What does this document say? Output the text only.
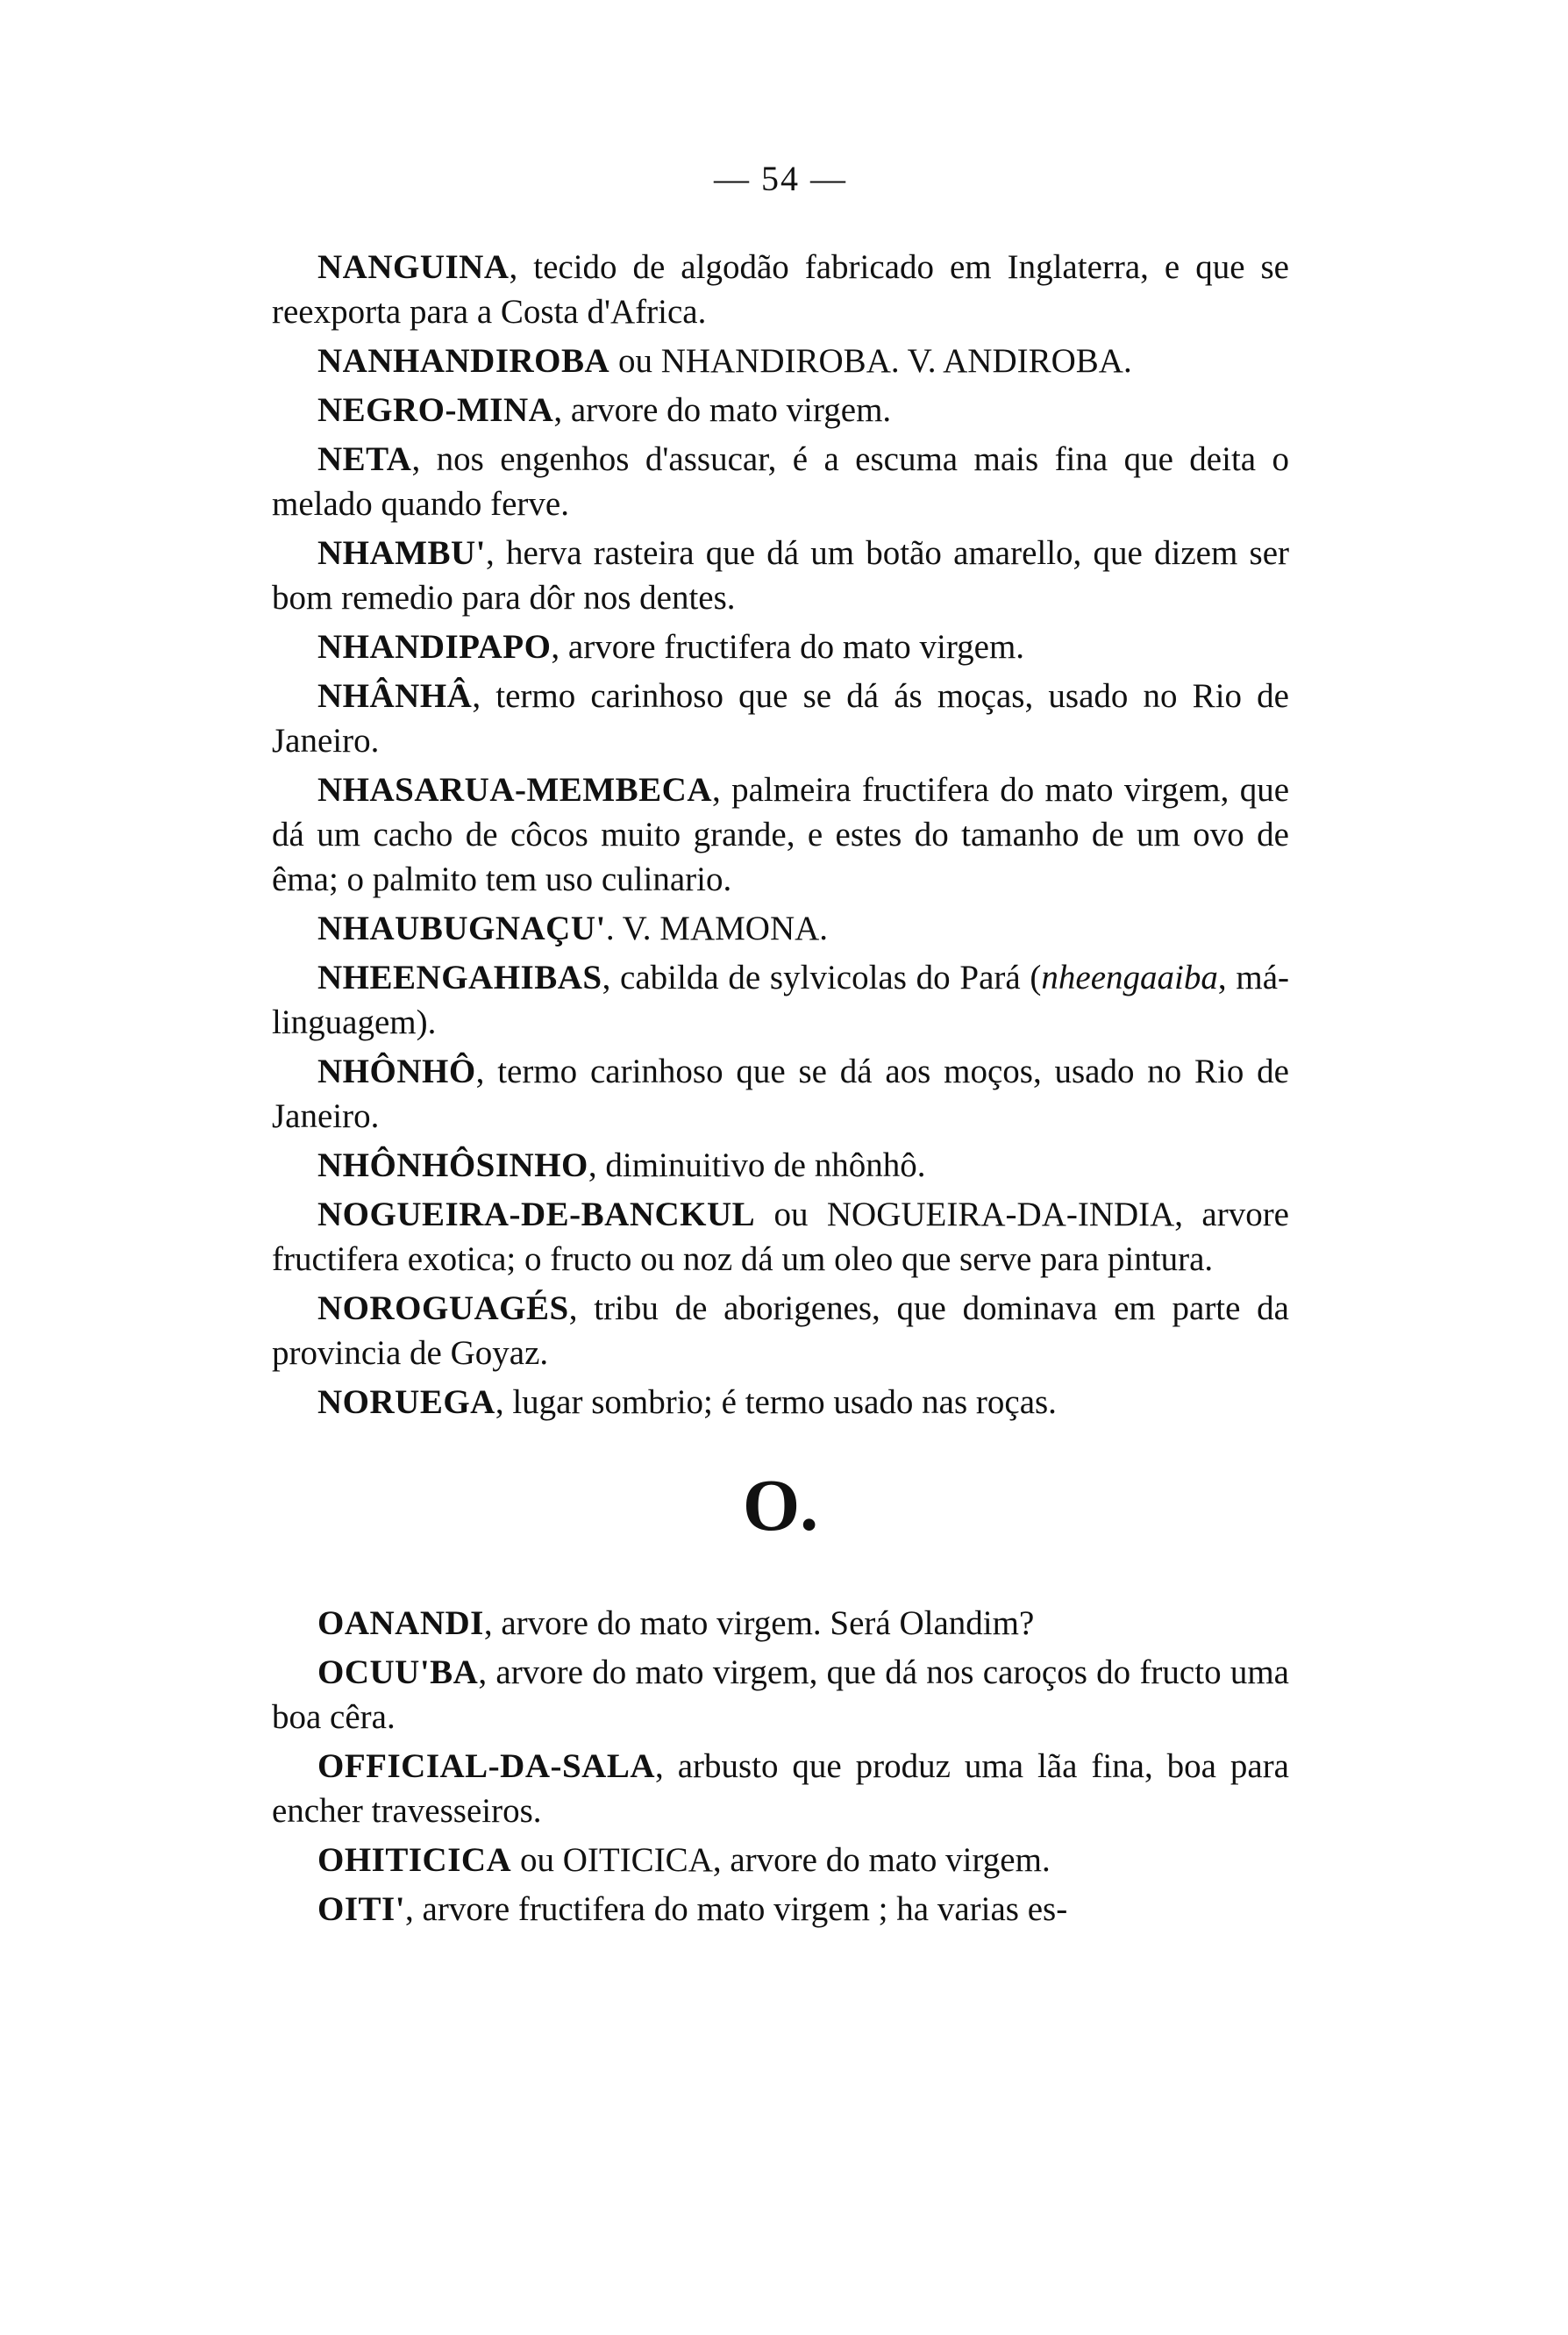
— 54 —

NANGUINA, tecido de algodão fabricado em Inglaterra, e que se reexporta para a Costa d'Africa.

NANHANDIROBA ou NHANDIROBA. V. ANDIROBA.

NEGRO-MINA, arvore do mato virgem.

NETA, nos engenhos d'assucar, é a escuma mais fina que deita o melado quando ferve.

NHAMBU', herva rasteira que dá um botão amarello, que dizem ser bom remedio para dôr nos dentes.

NHANDIPAPO, arvore fructifera do mato virgem.

NHÂNHÂ, termo carinhoso que se dá ás moças, usado no Rio de Janeiro.

NHASARUA-MEMBECA, palmeira fructifera do mato virgem, que dá um cacho de côcos muito grande, e estes do tamanho de um ovo de êma; o palmito tem uso culinario.

NHAUBUGNAÇU'. V. MAMONA.

NHEENGAHIBAS, cabilda de sylvicolas do Pará (nheengaaiba, má-linguagem).

NHÔNHÔ, termo carinhoso que se dá aos moços, usado no Rio de Janeiro.

NHÔNHÔSINHO, diminuitivo de nhônhô.

NOGUEIRA-DE-BANCKUL ou NOGUEIRA-DA-INDIA, arvore fructifera exotica; o fructo ou noz dá um oleo que serve para pintura.

NOROGUAGÉS, tribu de aborigenes, que dominava em parte da provincia de Goyaz.

NORUEGA, lugar sombrio; é termo usado nas roças.

O.

OANANDI, arvore do mato virgem. Será Olandim?

OCUU'BA, arvore do mato virgem, que dá nos caroços do fructo uma boa cêra.

OFFICIAL-DA-SALA, arbusto que produz uma lãa fina, boa para encher travesseiros.

OHITICICA ou OITICICA, arvore do mato virgem.

OITI', arvore fructifera do mato virgem ; ha varias es-
